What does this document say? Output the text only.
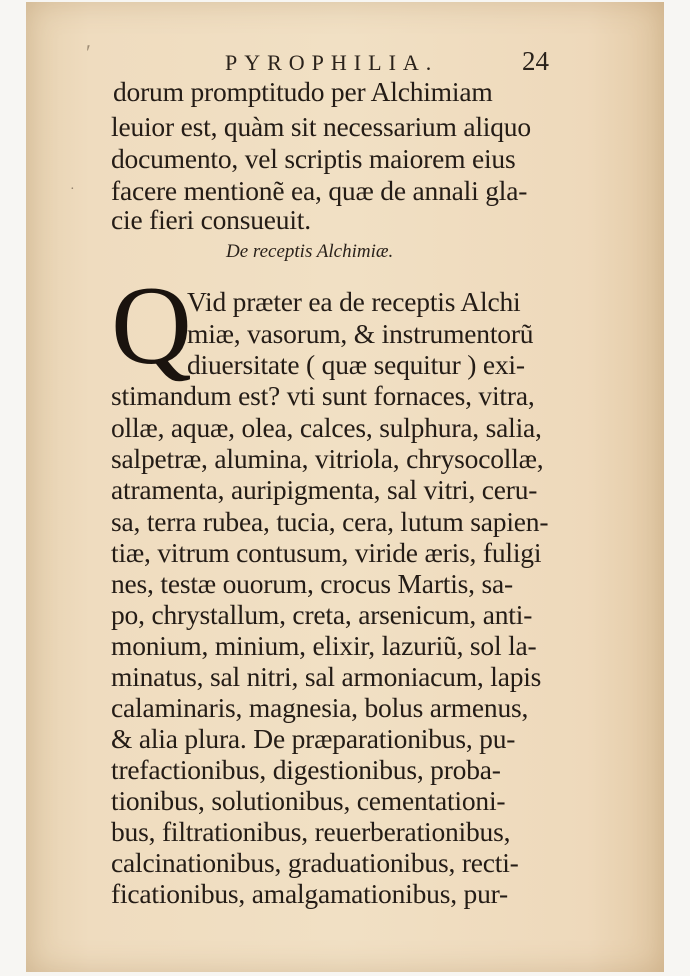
PYROPHILIA.	24
dorum promptitudo per Alchimiam
leuior est, quàm sit necessarium aliquo
documento, vel scriptis maiorem eius
facere mentionẽ ea, quæ de annali gla-
cie fieri consueuit.
De receptis Alchimiæ.
Q
Vid præter ea de receptis Alchi
miæ, vasorum, & instrumentorũ
diuersitate ( quæ sequitur ) exi-
stimandum est? vti sunt fornaces, vitra,
ollæ, aquæ, olea, calces, sulphura, salia,
salpetræ, alumina, vitriola, chrysocollæ,
atramenta, auripigmenta, sal vitri, ceru-
sa, terra rubea, tucia, cera, lutum sapien-
tiæ, vitrum contusum, viride æris, fuligi
nes, testæ ouorum, crocus Martis, sa-
po, chrystallum, creta, arsenicum, anti-
monium, minium, elixir, lazuriũ, sol la-
minatus, sal nitri, sal armoniacum, lapis
calaminaris, magnesia, bolus armenus,
& alia plura. De præparationibus, pu-
trefactionibus, digestionibus, proba-
tionibus, solutionibus, cementationi-
bus, filtrationibus, reuerberationibus,
calcinationibus, graduationibus, recti-
ficationibus, amalgamationibus, pur-
ʹ
·
